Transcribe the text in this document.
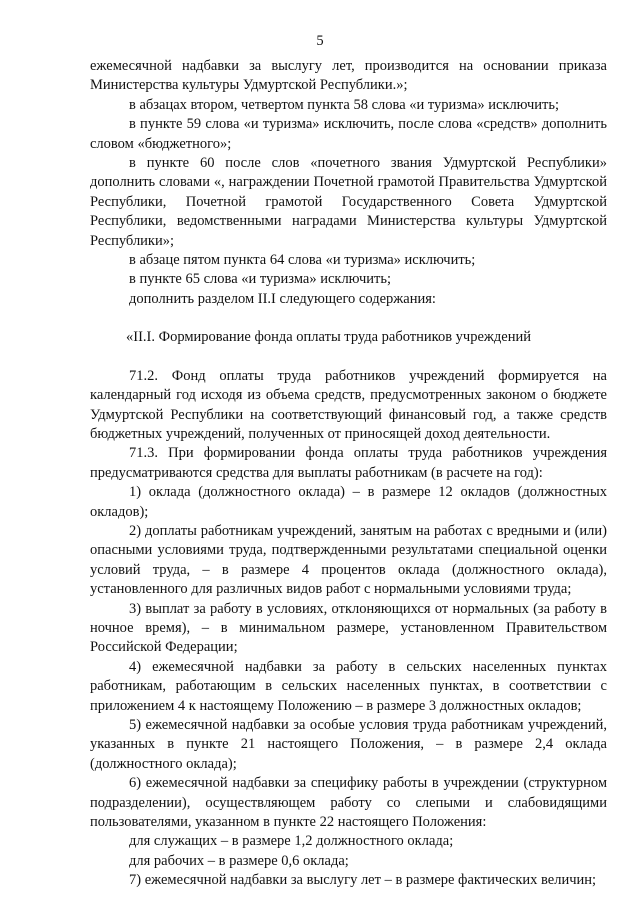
5

ежемесячной надбавки за выслугу лет, производится на основании приказа Министерства культуры Удмуртской Республики.»;

в абзацах втором, четвертом пункта 58 слова «и туризма» исключить;

в пункте 59 слова «и туризма» исключить, после слова «средств» дополнить словом «бюджетного»;

в пункте 60 после слов «почетного звания Удмуртской Республики» дополнить словами «, награждении Почетной грамотой Правительства Удмуртской Республики, Почетной грамотой Государственного Совета Удмуртской Республики, ведомственными наградами Министерства культуры Удмуртской Республики»;

в абзаце пятом пункта 64 слова «и туризма» исключить;

в пункте 65 слова «и туризма» исключить;

дополнить разделом II.I следующего содержания:

«II.I. Формирование фонда оплаты труда работников учреждений

71.2. Фонд оплаты труда работников учреждений формируется на календарный год исходя из объема средств, предусмотренных законом о бюджете Удмуртской Республики на соответствующий финансовый год, а также средств бюджетных учреждений, полученных от приносящей доход деятельности.

71.3. При формировании фонда оплаты труда работников учреждения предусматриваются средства для выплаты работникам (в расчете на год):

1) оклада (должностного оклада) – в размере 12 окладов (должностных окладов);

2) доплаты работникам учреждений, занятым на работах с вредными и (или) опасными условиями труда, подтвержденными результатами специальной оценки условий труда, – в размере 4 процентов оклада (должностного оклада), установленного для различных видов работ с нормальными условиями труда;

3) выплат за работу в условиях, отклоняющихся от нормальных (за работу в ночное время), – в минимальном размере, установленном Правительством Российской Федерации;

4) ежемесячной надбавки за работу в сельских населенных пунктах работникам, работающим в сельских населенных пунктах, в соответствии с приложением 4 к настоящему Положению – в размере 3 должностных окладов;

5) ежемесячной надбавки за особые условия труда работникам учреждений, указанных в пункте 21 настоящего Положения, – в размере 2,4 оклада (должностного оклада);

6) ежемесячной надбавки за специфику работы в учреждении (структурном подразделении), осуществляющем работу со слепыми и слабовидящими пользователями, указанном в пункте 22 настоящего Положения:

для служащих – в размере 1,2 должностного оклада;

для рабочих – в размере 0,6 оклада;

7) ежемесячной надбавки за выслугу лет – в размере фактических величин;
